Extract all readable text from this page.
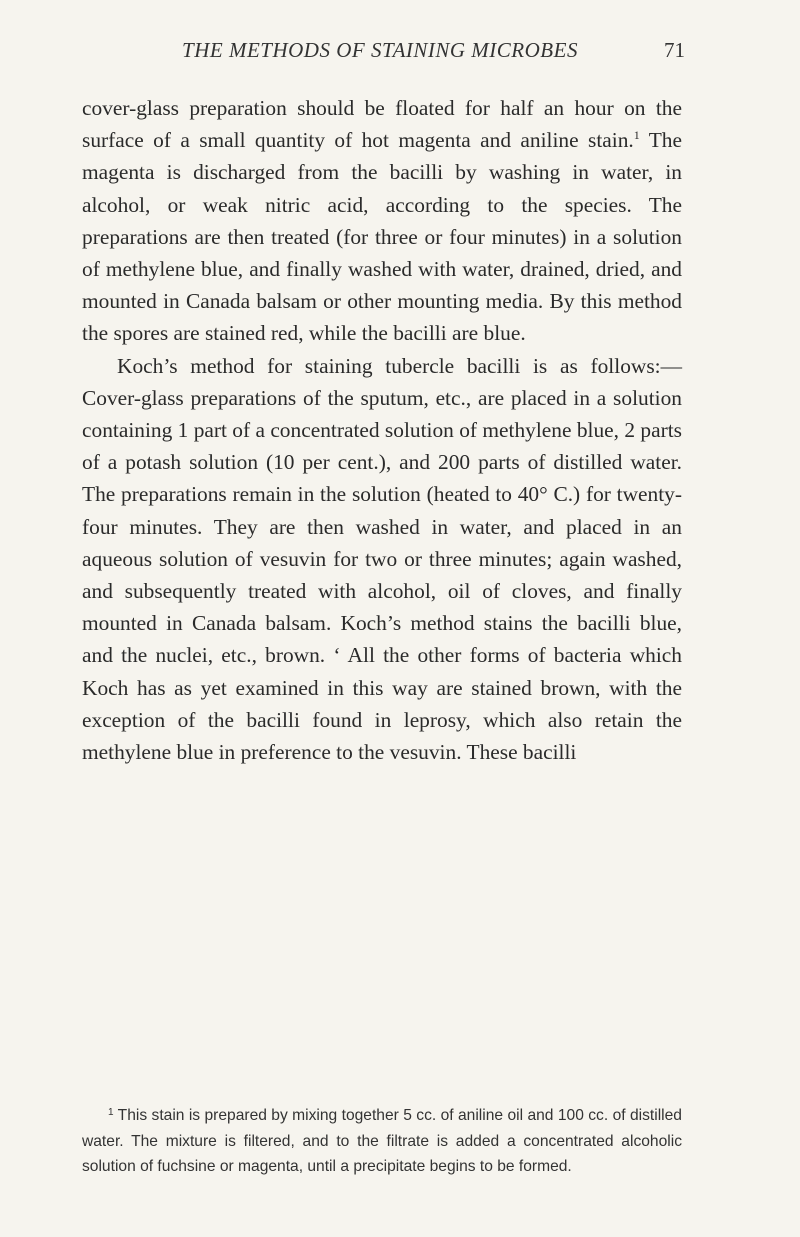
THE METHODS OF STAINING MICROBES	71

cover-glass preparation should be floated for half an hour on the surface of a small quantity of hot magenta and aniline stain.$^1$ The magenta is discharged from the bacilli by washing in water, in alcohol, or weak nitric acid, according to the species. The preparations are then treated (for three or four minutes) in a solution of methylene blue, and finally washed with water, drained, dried, and mounted in Canada balsam or other mounting media. By this method the spores are stained red, while the bacilli are blue.

Koch’s method for staining tubercle bacilli is as follows:—Cover-glass preparations of the sputum, etc., are placed in a solution containing 1 part of a concentrated solution of methylene blue, 2 parts of a potash solution (10 per cent.), and 200 parts of distilled water. The preparations remain in the solution (heated to 40° C.) for twenty-four minutes. They are then washed in water, and placed in an aqueous solution of vesuvin for two or three minutes; again washed, and subsequently treated with alcohol, oil of cloves, and finally mounted in Canada balsam. Koch’s method stains the bacilli blue, and the nuclei, etc., brown. ‘ All the other forms of bacteria which Koch has as yet examined in this way are stained brown, with the exception of the bacilli found in leprosy, which also retain the methylene blue in preference to the vesuvin. These bacilli

$^1$ This stain is prepared by mixing together 5 cc. of aniline oil and 100 cc. of distilled water. The mixture is filtered, and to the filtrate is added a concentrated alcoholic solution of fuchsine or magenta, until a precipitate begins to be formed.
